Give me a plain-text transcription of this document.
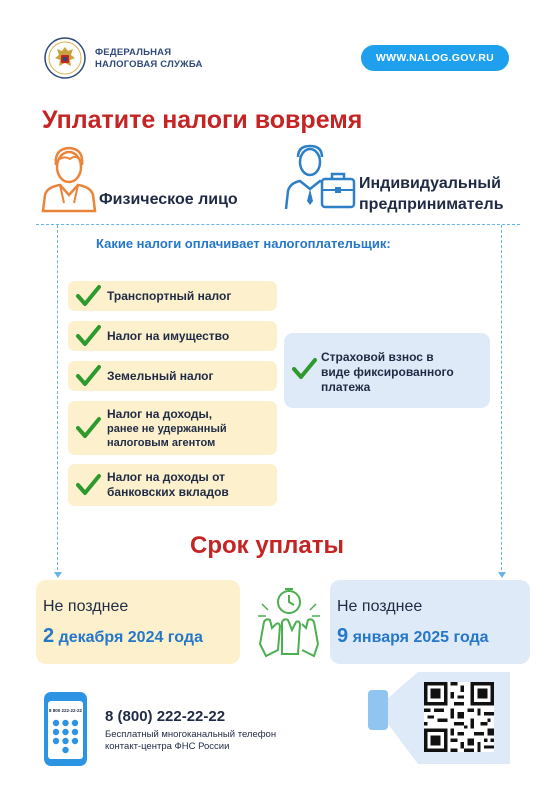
ФЕДЕРАЛЬНАЯ
НАЛОГОВАЯ СЛУЖБА
WWW.NALOG.GOV.RU
Уплатите налоги вовремя
Физическое лицо
Индивидуальный
предприниматель
Какие налоги оплачивает налогоплательщик:
Транспортный налог
Налог на имущество
Земельный налог
Налог на доходы,
ранее не удержанный
налоговым агентом
Налог на доходы от
банковских вкладов
Страховой взнос в
виде фиксированного
платежа
Срок уплаты
Не позднее
2 декабря 2024 года
Не позднее
9 января 2025 года
8 800 222-22-22 8 (800) 222-22-22
Бесплатный многоканальный телефон
контакт-центра ФНС России
